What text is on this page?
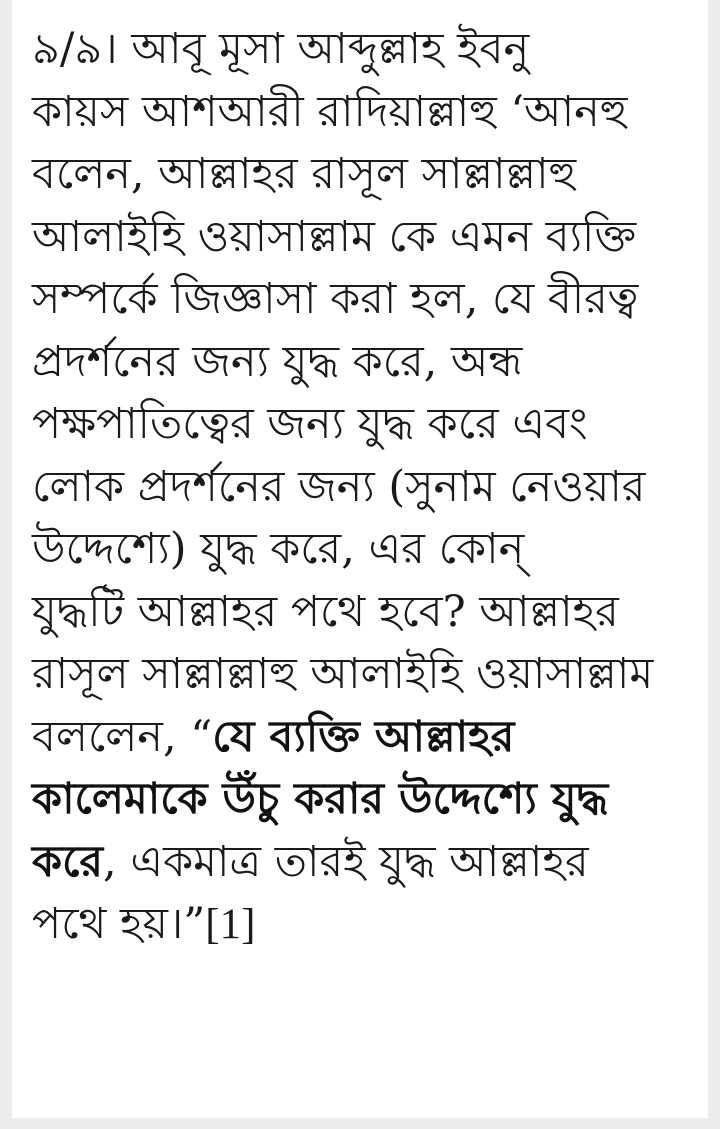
৯/৯। আবূ মূসা আব্দুল্লাহ ইবনু
কায়স আশআরী রাদিয়াল্লাহু ‘আনহু
বলেন, আল্লাহর রাসূল সাল্লাল্লাহু
আলাইহি ওয়াসাল্লাম কে এমন ব্যক্তি
সম্পর্কে জিজ্ঞাসা করা হল, যে বীরত্ব
প্রদর্শনের জন্য যুদ্ধ করে, অন্ধ
পক্ষপাতিত্বের জন্য যুদ্ধ করে এবং
লোক প্রদর্শনের জন্য (সুনাম নেওয়ার
উদ্দেশ্যে) যুদ্ধ করে, এর কোন্
যুদ্ধটি আল্লাহর পথে হবে? আল্লাহর
রাসূল সাল্লাল্লাহু আলাইহি ওয়াসাল্লাম
বললেন, “যে ব্যক্তি আল্লাহর
কালেমাকে উঁচু করার উদ্দেশ্যে যুদ্ধ
করে, একমাত্র তারই যুদ্ধ আল্লাহর
পথে হয়।”[1]
